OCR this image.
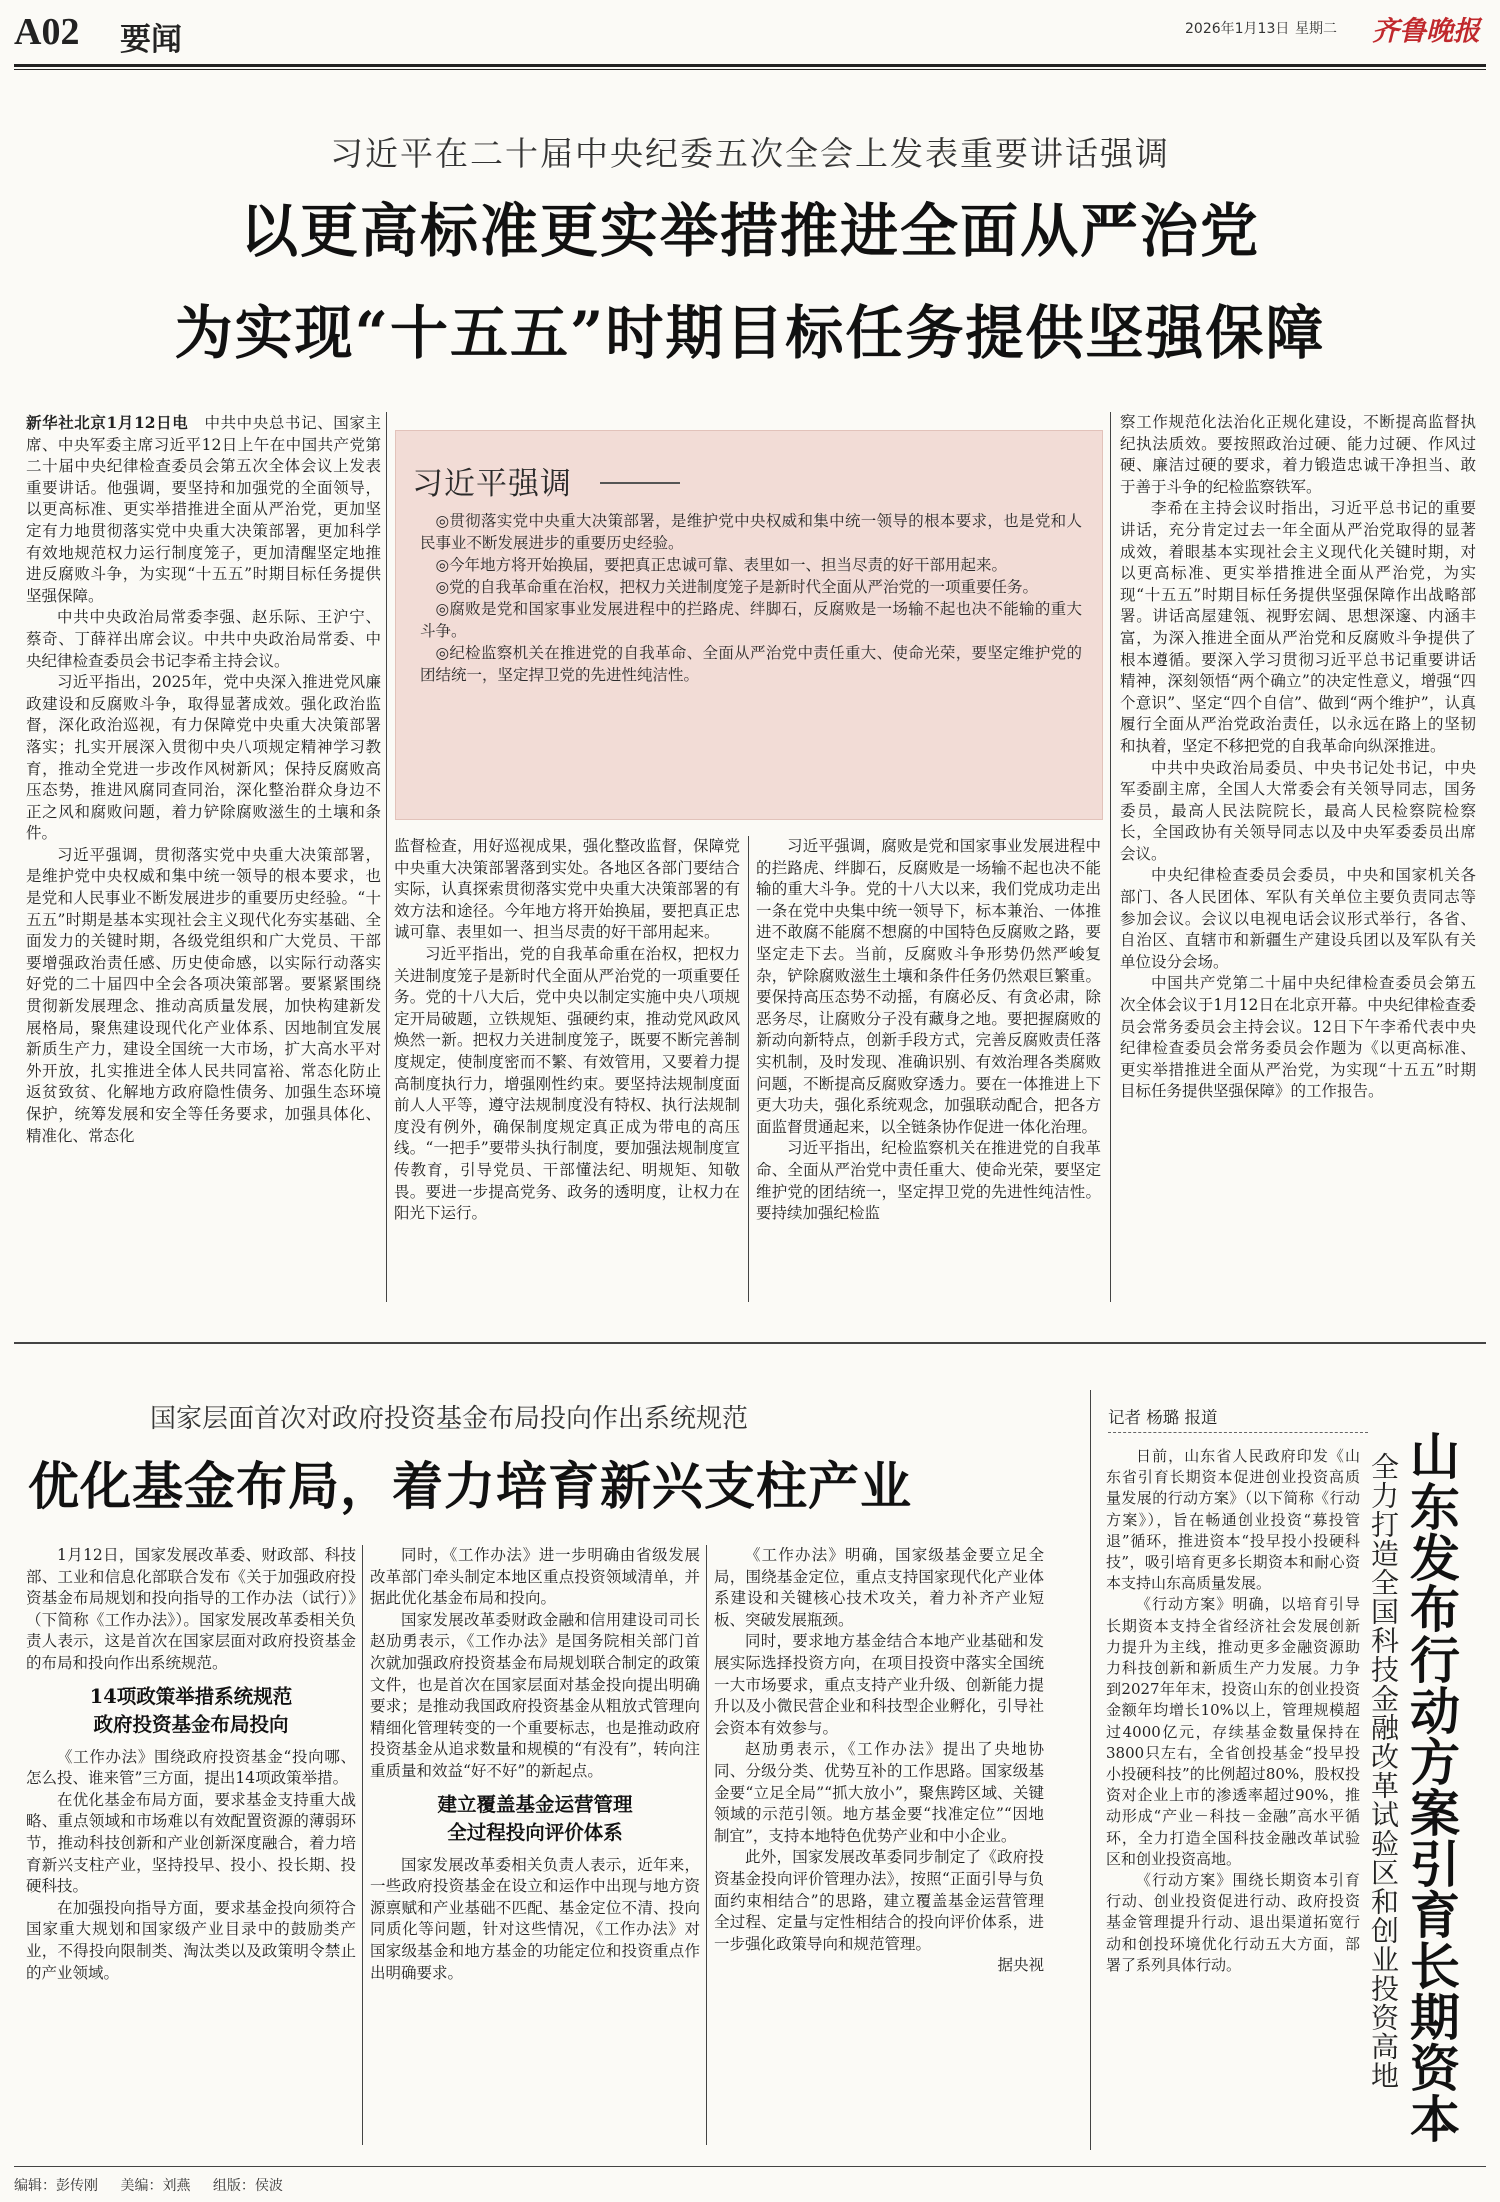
A02 要闻	2026年1月13日 星期二 齐鲁晚报
习近平在二十届中央纪委五次全会上发表重要讲话强调
以更高标准更实举措推进全面从严治党
为实现“十五五”时期目标任务提供坚强保障

新华社北京1月12日电　 中共中央总书记、国家主席、中央军委主席习近平12日上午在中国共产党第二十届中央纪律检查委员会第五次全体会议上发表重要讲话。他强调，要坚持和加强党的全面领导，以更高标准、更实举措推进全面从严治党，更加坚定有力地贯彻落实党中央重大决策部署，更加科学有效地规范权力运行制度笼子，更加清醒坚定地推进反腐败斗争，为实现“十五五”时期目标任务提供坚强保障。

中共中央政治局常委李强、赵乐际、王沪宁、蔡奇、丁薛祥出席会议。中共中央政治局常委、中央纪律检查委员会书记李希主持会议。

习近平指出，2025年，党中央深入推进党风廉政建设和反腐败斗争，取得显著成效。强化政治监督，深化政治巡视，有力保障党中央重大决策部署落实；扎实开展深入贯彻中央八项规定精神学习教育，推动全党进一步改作风树新风；保持反腐败高压态势，推进风腐同查同治，深化整治群众身边不正之风和腐败问题，着力铲除腐败滋生的土壤和条件。

习近平强调，贯彻落实党中央重大决策部署，是维护党中央权威和集中统一领导的根本要求，也是党和人民事业不断发展进步的重要历史经验。“十五五”时期是基本实现社会主义现代化夯实基础、全面发力的关键时期，各级党组织和广大党员、干部要增强政治责任感、历史使命感，以实际行动落实好党的二十届四中全会各项决策部署。要紧紧围绕贯彻新发展理念、推动高质量发展，加快构建新发展格局，聚焦建设现代化产业体系、因地制宜发展新质生产力，建设全国统一大市场，扩大高水平对外开放，扎实推进全体人民共同富裕、常态化防止返贫致贫、化解地方政府隐性债务、加强生态环境保护，统筹发展和安全等任务要求，加强具体化、精准化、常态化

习近平强调

◎贯彻落实党中央重大决策部署，是维护党中央权威和集中统一领导的根本要求，也是党和人民事业不断发展进步的重要历史经验。

◎今年地方将开始换届，要把真正忠诚可靠、表里如一、担当尽责的好干部用起来。

◎党的自我革命重在治权，把权力关进制度笼子是新时代全面从严治党的一项重要任务。

◎腐败是党和国家事业发展进程中的拦路虎、绊脚石，反腐败是一场输不起也决不能输的重大斗争。

◎纪检监察机关在推进党的自我革命、全面从严治党中责任重大、使命光荣，要坚定维护党的团结统一，坚定捍卫党的先进性纯洁性。

监督检查，用好巡视成果，强化整改监督，保障党中央重大决策部署落到实处。各地区各部门要结合实际，认真探索贯彻落实党中央重大决策部署的有效方法和途径。今年地方将开始换届，要把真正忠诚可靠、表里如一、担当尽责的好干部用起来。

习近平指出，党的自我革命重在治权，把权力关进制度笼子是新时代全面从严治党的一项重要任务。党的十八大后，党中央以制定实施中央八项规定开局破题，立铁规矩、强硬约束，推动党风政风焕然一新。把权力关进制度笼子，既要不断完善制度规定，使制度密而不繁、有效管用，又要着力提高制度执行力，增强刚性约束。要坚持法规制度面前人人平等，遵守法规制度没有特权、执行法规制度没有例外，确保制度规定真正成为带电的高压线。“一把手”要带头执行制度，要加强法规制度宣传教育，引导党员、干部懂法纪、明规矩、知敬畏。要进一步提高党务、政务的透明度，让权力在阳光下运行。

习近平强调，腐败是党和国家事业发展进程中的拦路虎、绊脚石，反腐败是一场输不起也决不能输的重大斗争。党的十八大以来，我们党成功走出一条在党中央集中统一领导下，标本兼治、一体推进不敢腐不能腐不想腐的中国特色反腐败之路，要坚定走下去。当前，反腐败斗争形势仍然严峻复杂，铲除腐败滋生土壤和条件任务仍然艰巨繁重。要保持高压态势不动摇，有腐必反、有贪必肃，除恶务尽，让腐败分子没有藏身之地。要把握腐败的新动向新特点，创新手段方式，完善反腐败责任落实机制，及时发现、准确识别、有效治理各类腐败问题，不断提高反腐败穿透力。要在一体推进上下更大功夫，强化系统观念，加强联动配合，把各方面监督贯通起来，以全链条协作促进一体化治理。

习近平指出，纪检监察机关在推进党的自我革命、全面从严治党中责任重大、使命光荣，要坚定维护党的团结统一，坚定捍卫党的先进性纯洁性。要持续加强纪检监

察工作规范化法治化正规化建设，不断提高监督执纪执法质效。要按照政治过硬、能力过硬、作风过硬、廉洁过硬的要求，着力锻造忠诚干净担当、敢于善于斗争的纪检监察铁军。

李希在主持会议时指出，习近平总书记的重要讲话，充分肯定过去一年全面从严治党取得的显著成效，着眼基本实现社会主义现代化关键时期，对以更高标准、更实举措推进全面从严治党，为实现“十五五”时期目标任务提供坚强保障作出战略部署。讲话高屋建瓴、视野宏阔、思想深邃、内涵丰富，为深入推进全面从严治党和反腐败斗争提供了根本遵循。要深入学习贯彻习近平总书记重要讲话精神，深刻领悟“两个确立”的决定性意义，增强“四个意识”、坚定“四个自信”、做到“两个维护”，认真履行全面从严治党政治责任，以永远在路上的坚韧和执着，坚定不移把党的自我革命向纵深推进。

中共中央政治局委员、中央书记处书记，中央军委副主席，全国人大常委会有关领导同志，国务委员，最高人民法院院长，最高人民检察院检察长，全国政协有关领导同志以及中央军委委员出席会议。

中央纪律检查委员会委员，中央和国家机关各部门、各人民团体、军队有关单位主要负责同志等参加会议。会议以电视电话会议形式举行，各省、自治区、直辖市和新疆生产建设兵团以及军队有关单位设分会场。

中国共产党第二十届中央纪律检查委员会第五次全体会议于1月12日在北京开幕。中央纪律检查委员会常务委员会主持会议。12日下午李希代表中央纪律检查委员会常务委员会作题为《以更高标准、更实举措推进全面从严治党，为实现“十五五”时期目标任务提供坚强保障》的工作报告。

国家层面首次对政府投资基金布局投向作出系统规范
优化基金布局，着力培育新兴支柱产业

1月12日，国家发展改革委、财政部、科技部、工业和信息化部联合发布《关于加强政府投资基金布局规划和投向指导的工作办法（试行）》（下简称《工作办法》）。国家发展改革委相关负责人表示，这是首次在国家层面对政府投资基金的布局和投向作出系统规范。

14项政策举措系统规范
政府投资基金布局投向

《工作办法》围绕政府投资基金“投向哪、怎么投、谁来管”三方面，提出14项政策举措。

在优化基金布局方面，要求基金支持重大战略、重点领域和市场难以有效配置资源的薄弱环节，推动科技创新和产业创新深度融合，着力培育新兴支柱产业，坚持投早、投小、投长期、投硬科技。

在加强投向指导方面，要求基金投向须符合国家重大规划和国家级产业目录中的鼓励类产业，不得投向限制类、淘汰类以及政策明令禁止的产业领域。

同时，《工作办法》进一步明确由省级发展改革部门牵头制定本地区重点投资领域清单，并据此优化基金布局和投向。

国家发展改革委财政金融和信用建设司司长赵劢勇表示，《工作办法》是国务院相关部门首次就加强政府投资基金布局规划联合制定的政策文件，也是首次在国家层面对基金投向提出明确要求；是推动我国政府投资基金从粗放式管理向精细化管理转变的一个重要标志，也是推动政府投资基金从追求数量和规模的“有没有”，转向注重质量和效益“好不好”的新起点。

建立覆盖基金运营管理
全过程投向评价体系

国家发展改革委相关负责人表示，近年来，一些政府投资基金在设立和运作中出现与地方资源禀赋和产业基础不匹配、基金定位不清、投向同质化等问题，针对这些情况，《工作办法》对国家级基金和地方基金的功能定位和投资重点作出明确要求。

《工作办法》明确，国家级基金要立足全局，围绕基金定位，重点支持国家现代化产业体系建设和关键核心技术攻关，着力补齐产业短板、突破发展瓶颈。

同时，要求地方基金结合本地产业基础和发展实际选择投资方向，在项目投资中落实全国统一大市场要求，重点支持产业升级、创新能力提升以及小微民营企业和科技型企业孵化，引导社会资本有效参与。

赵劢勇表示，《工作办法》提出了央地协同、分级分类、优势互补的工作思路。国家级基金要“立足全局”“抓大放小”，聚焦跨区域、关键领域的示范引领。地方基金要“找准定位”“因地制宜”，支持本地特色优势产业和中小企业。

此外，国家发展改革委同步制定了《政府投资基金投向评价管理办法》，按照“正面引导与负面约束相结合”的思路，建立覆盖基金运营管理全过程、定量与定性相结合的投向评价体系，进一步强化政策导向和规范管理。

据央视

记者 杨璐 报道
山东发布行动方案引育长期资本
全力打造全国科技金融改革试验区和创业投资高地

日前，山东省人民政府印发《山东省引育长期资本促进创业投资高质量发展的行动方案》（以下简称《行动方案》），旨在畅通创业投资“募投管退”循环，推进资本“投早投小投硬科技”，吸引培育更多长期资本和耐心资本支持山东高质量发展。

《行动方案》明确，以培育引导长期资本支持全省经济社会发展创新力提升为主线，推动更多金融资源助力科技创新和新质生产力发展。力争到2027年年末，投资山东的创业投资金额年均增长10%以上，管理规模超过4000亿元，存续基金数量保持在3800只左右，全省创投基金“投早投小投硬科技”的比例超过80%，股权投资对企业上市的渗透率超过90%，推动形成“产业－科技－金融”高水平循环，全力打造全国科技金融改革试验区和创业投资高地。

《行动方案》围绕长期资本引育行动、创业投资促进行动、政府投资基金管理提升行动、退出渠道拓宽行动和创投环境优化行动五大方面，部署了系列具体行动。

编辑：彭传刚 美编：刘燕 组版：侯波
